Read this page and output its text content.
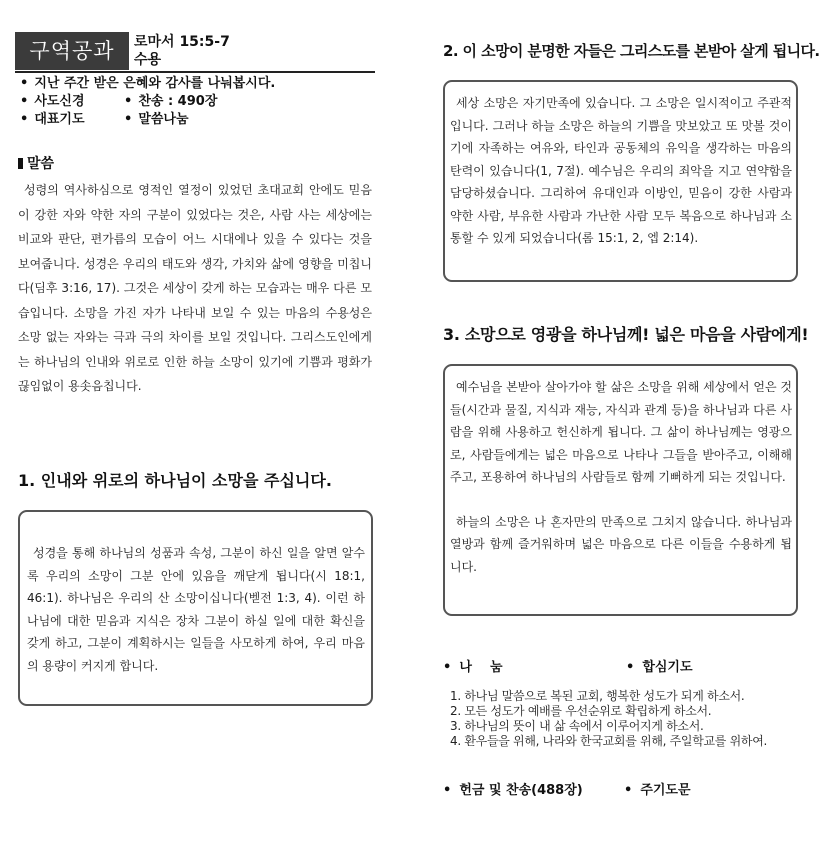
구역공과	로마서 15:5-7
수용
• 지난 주간 받은 은혜와 감사를 나눠봅시다.
• 사도신경	• 찬송 : 490장
• 대표기도	• 말씀나눔
말씀
성령의 역사하심으로 영적인 열정이 있었던 초대교회 안에도 믿음이 강한 자와 약한 자의 구분이 있었다는 것은, 사람 사는 세상에는 비교와 판단, 편가름의 모습이 어느 시대에나 있을 수 있다는 것을 보여줍니다. 성경은 우리의 태도와 생각, 가치와 삶에 영향을 미칩니다(딤후 3:16, 17). 그것은 세상이 갖게 하는 모습과는 매우 다른 모습입니다. 소망을 가진 자가 나타내 보일 수 있는 마음의 수용성은 소망 없는 자와는 극과 극의 차이를 보일 것입니다. 그리스도인에게는 하나님의 인내와 위로로 인한 하늘 소망이 있기에 기쁨과 평화가 끊임없이 용솟음칩니다.
1. 인내와 위로의 하나님이 소망을 주십니다.
성경을 통해 하나님의 성품과 속성, 그분이 하신 일을 알면 알수록 우리의 소망이 그분 안에 있음을 깨닫게 됩니다(시 18:1, 46:1). 하나님은 우리의 산 소망이십니다(벧전 1:3, 4). 이런 하나님에 대한 믿음과 지식은 장차 그분이 하실 일에 대한 확신을 갖게 하고, 그분이 계획하시는 일들을 사모하게 하여, 우리 마음의 용량이 커지게 합니다.
2. 이 소망이 분명한 자들은 그리스도를 본받아 살게 됩니다.
세상 소망은 자기만족에 있습니다. 그 소망은 일시적이고 주관적입니다. 그러나 하늘 소망은 하늘의 기쁨을 맛보았고 또 맛볼 것이기에 자족하는 여유와, 타인과 공동체의 유익을 생각하는 마음의 탄력이 있습니다(1, 7절). 예수님은 우리의 죄악을 지고 연약함을 담당하셨습니다. 그리하여 유대인과 이방인, 믿음이 강한 사람과 약한 사람, 부유한 사람과 가난한 사람 모두 복음으로 하나님과 소통할 수 있게 되었습니다(롬 15:1, 2, 엡 2:14).
3. 소망으로 영광을 하나님께! 넓은 마음을 사람에게!
예수님을 본받아 살아가야 할 삶은 소망을 위해 세상에서 얻은 것들(시간과 물질, 지식과 재능, 자식과 관계 등)을 하나님과 다른 사람을 위해 사용하고 헌신하게 됩니다. 그 삶이 하나님께는 영광으로, 사람들에게는 넓은 마음으로 나타나 그들을 받아주고, 이해해 주고, 포용하여 하나님의 사람들로 함께 기뻐하게 되는 것입니다.
하늘의 소망은 나 혼자만의 만족으로 그치지 않습니다. 하나님과 열방과 함께 즐거워하며 넓은 마음으로 다른 이들을 수용하게 됩니다.
• 나    눔	• 합심기도
1. 하나님 말씀으로 복된 교회, 행복한 성도가 되게 하소서.
2. 모든 성도가 예배를 우선순위로 확립하게 하소서.
3. 하나님의 뜻이 내 삶 속에서 이루어지게 하소서.
4. 환우들을 위해, 나라와 한국교회를 위해, 주일학교를 위하여.
• 헌금 및 찬송(488장)	• 주기도문
